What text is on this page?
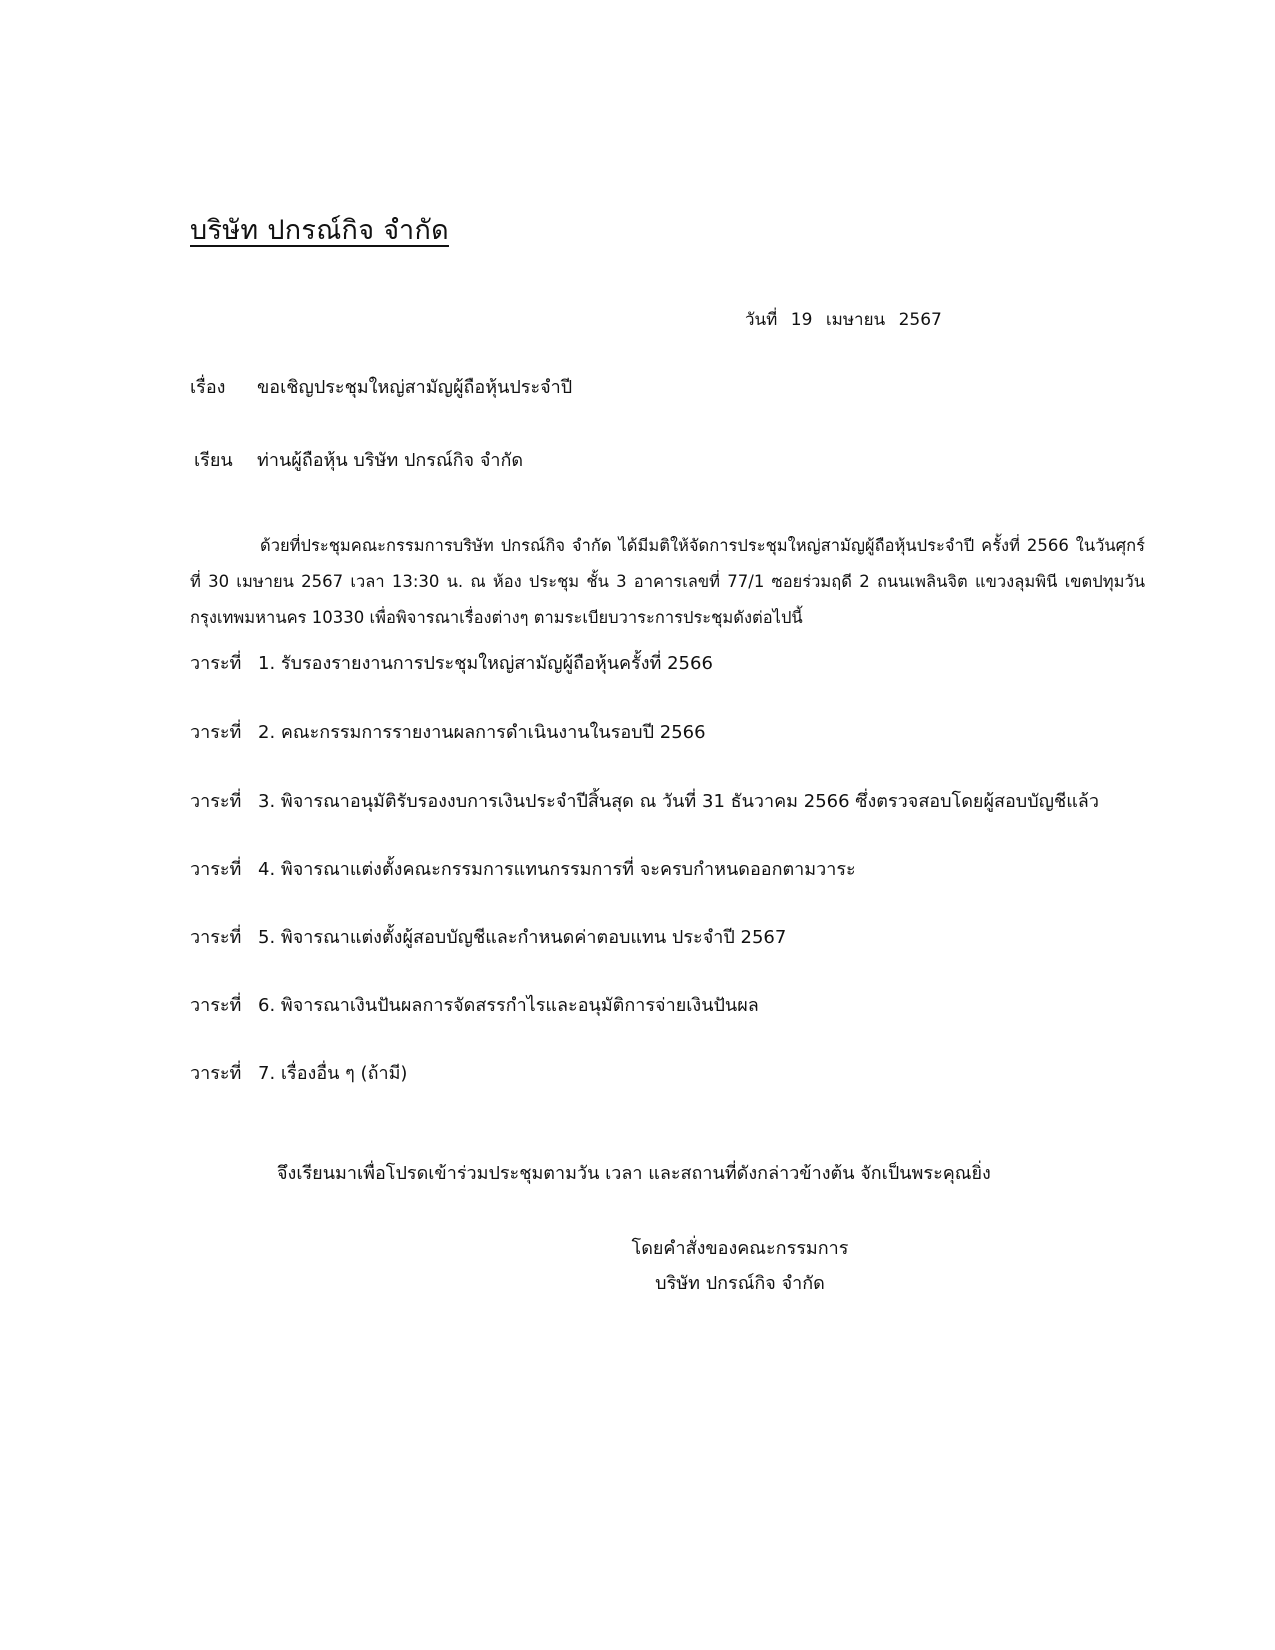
บริษัท ปกรณ์กิจ จำกัด
วันที่ 19 เมษายน 2567
เรื่อง ขอเชิญประชุมใหญ่สามัญผู้ถือหุ้นประจำปี
เรียน ท่านผู้ถือหุ้น บริษัท ปกรณ์กิจ จำกัด
ด้วยที่ประชุมคณะกรรมการบริษัท ปกรณ์กิจ จำกัด ได้มีมติให้จัดการประชุมใหญ่สามัญผู้ถือหุ้นประจำปี ครั้งที่ 2566 ในวันศุกร์ที่ 30 เมษายน 2567 เวลา 13:30 น. ณ ห้อง ประชุม ชั้น 3 อาคารเลขที่ 77/1 ซอยร่วมฤดี 2 ถนนเพลินจิต แขวงลุมพินี เขตปทุมวัน กรุงเทพมหานคร 10330 เพื่อพิจารณาเรื่องต่างๆ ตามระเบียบวาระการประชุมดังต่อไปนี้
วาระที่ 1. รับรองรายงานการประชุมใหญ่สามัญผู้ถือหุ้นครั้งที่ 2566
วาระที่ 2. คณะกรรมการรายงานผลการดำเนินงานในรอบปี 2566
วาระที่ 3. พิจารณาอนุมัติรับรองงบการเงินประจำปีสิ้นสุด ณ วันที่ 31 ธันวาคม 2566 ซึ่งตรวจสอบโดยผู้สอบบัญชีแล้ว
วาระที่ 4. พิจารณาแต่งตั้งคณะกรรมการแทนกรรมการที่ จะครบกำหนดออกตามวาระ
วาระที่ 5. พิจารณาแต่งตั้งผู้สอบบัญชีและกำหนดค่าตอบแทน ประจำปี 2567
วาระที่ 6. พิจารณาเงินปันผลการจัดสรรกำไรและอนุมัติการจ่ายเงินปันผล
วาระที่ 7. เรื่องอื่น ๆ (ถ้ามี)
จึงเรียนมาเพื่อโปรดเข้าร่วมประชุมตามวัน เวลา และสถานที่ดังกล่าวข้างต้น จักเป็นพระคุณยิ่ง
โดยคำสั่งของคณะกรรมการ
บริษัท ปกรณ์กิจ จำกัด
